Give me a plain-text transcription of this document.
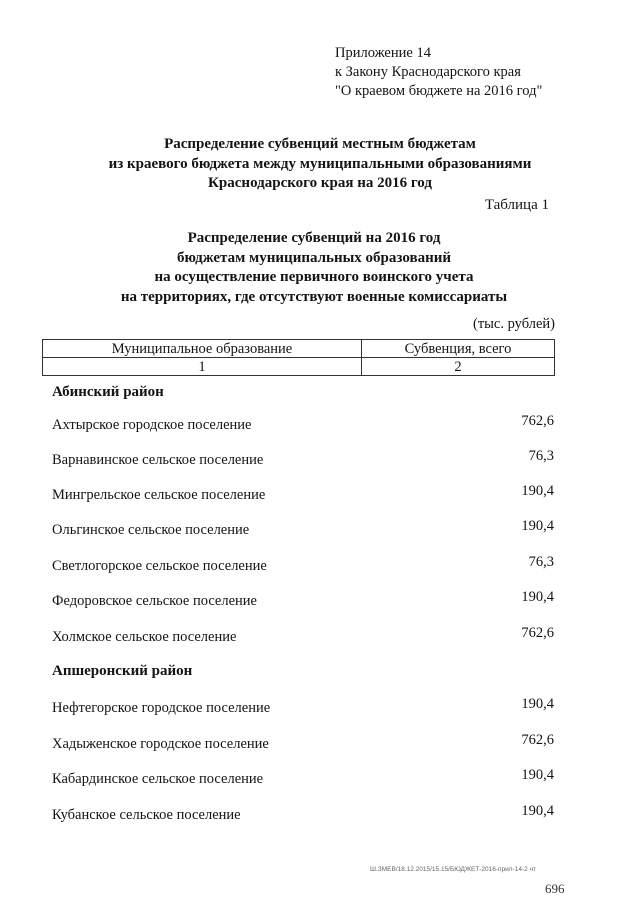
Приложение 14
к Закону Краснодарского края
"О краевом бюджете на 2016 год"
Распределение субвенций местным бюджетам
из краевого бюджета между муниципальными образованиями
Краснодарского края на 2016 год
Таблица 1
Распределение субвенций на 2016 год
бюджетам муниципальных образований
на осуществление первичного воинского учета
на территориях, где отсутствуют военные комиссариаты
(тыс. рублей)
Муниципальное образование	Субвенция, всего
1	2
Абинский район
Ахтырское городское поселение	762,6
Варнавинское сельское поселение	76,3
Мингрельское сельское поселение	190,4
Ольгинское сельское поселение	190,4
Светлогорское сельское поселение	76,3
Федоровское сельское поселение	190,4
Холмское сельское поселение	762,6
Апшеронский район
Нефтегорское городское поселение	190,4
Хадыженское городское поселение	762,6
Кабардинское сельское поселение	190,4
Кубанское сельское поселение	190,4
Ш.ЗМЕВ/18.12.2015/15.15/БЮДЖЕТ-2016-прил-14-2 чт
696
